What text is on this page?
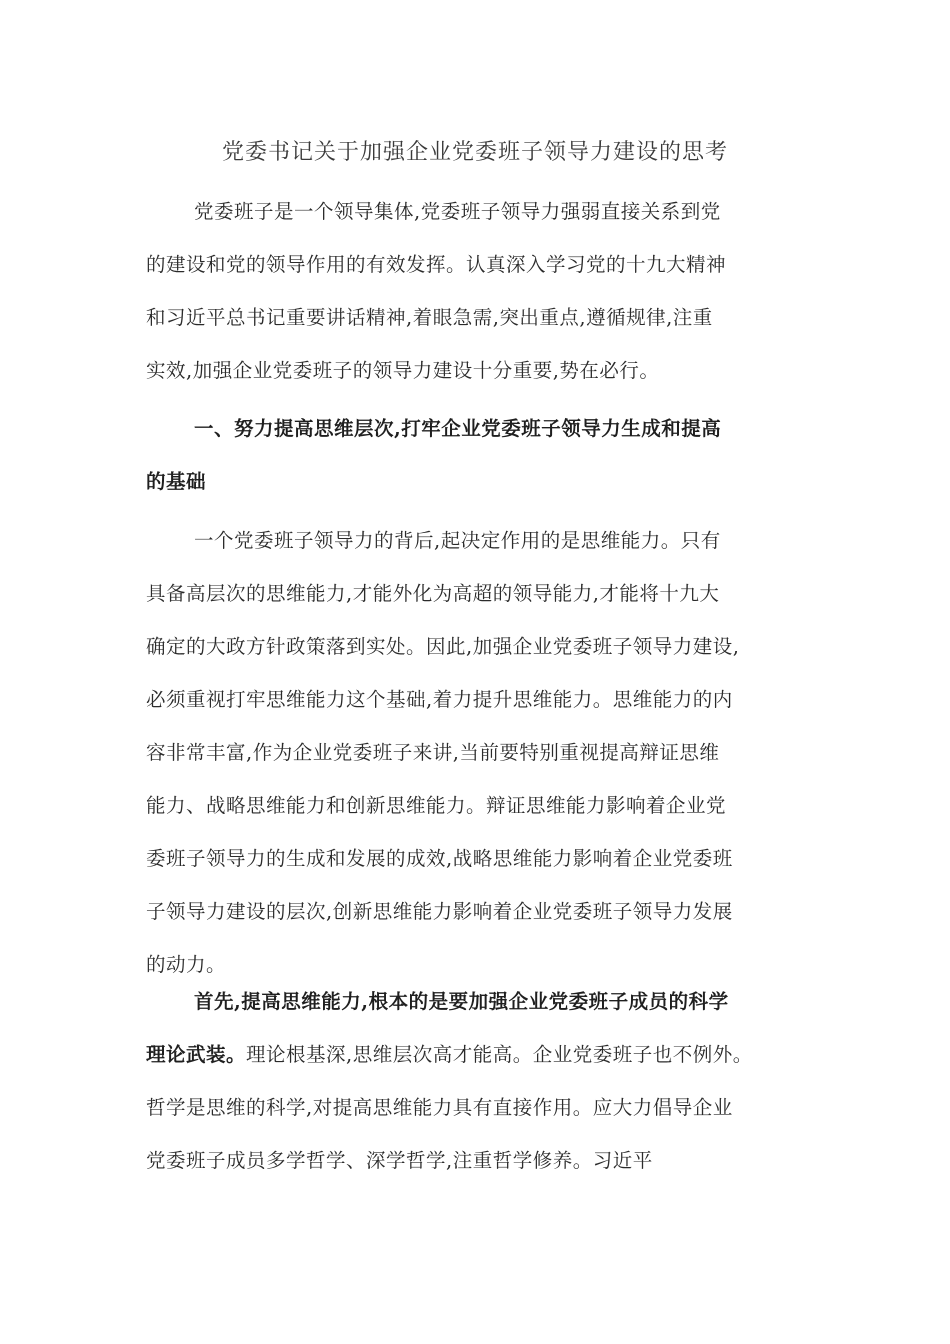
党委书记关于加强企业党委班子领导力建设的思考
党委班子是一个领导集体,党委班子领导力强弱直接关系到党
的建设和党的领导作用的有效发挥。认真深入学习党的十九大精神
和习近平总书记重要讲话精神,着眼急需,突出重点,遵循规律,注重
实效,加强企业党委班子的领导力建设十分重要,势在必行。
一、努力提高思维层次,打牢企业党委班子领导力生成和提高
的基础
一个党委班子领导力的背后,起决定作用的是思维能力。只有
具备高层次的思维能力,才能外化为高超的领导能力,才能将十九大
确定的大政方针政策落到实处。因此,加强企业党委班子领导力建设,
必须重视打牢思维能力这个基础,着力提升思维能力。思维能力的内
容非常丰富,作为企业党委班子来讲,当前要特别重视提高辩证思维
能力、战略思维能力和创新思维能力。辩证思维能力影响着企业党
委班子领导力的生成和发展的成效,战略思维能力影响着企业党委班
子领导力建设的层次,创新思维能力影响着企业党委班子领导力发展
的动力。
首先,提高思维能力,根本的是要加强企业党委班子成员的科学
理论武装。理论根基深,思维层次高才能高。企业党委班子也不例外。
哲学是思维的科学,对提高思维能力具有直接作用。应大力倡导企业
党委班子成员多学哲学、深学哲学,注重哲学修养。习近平
